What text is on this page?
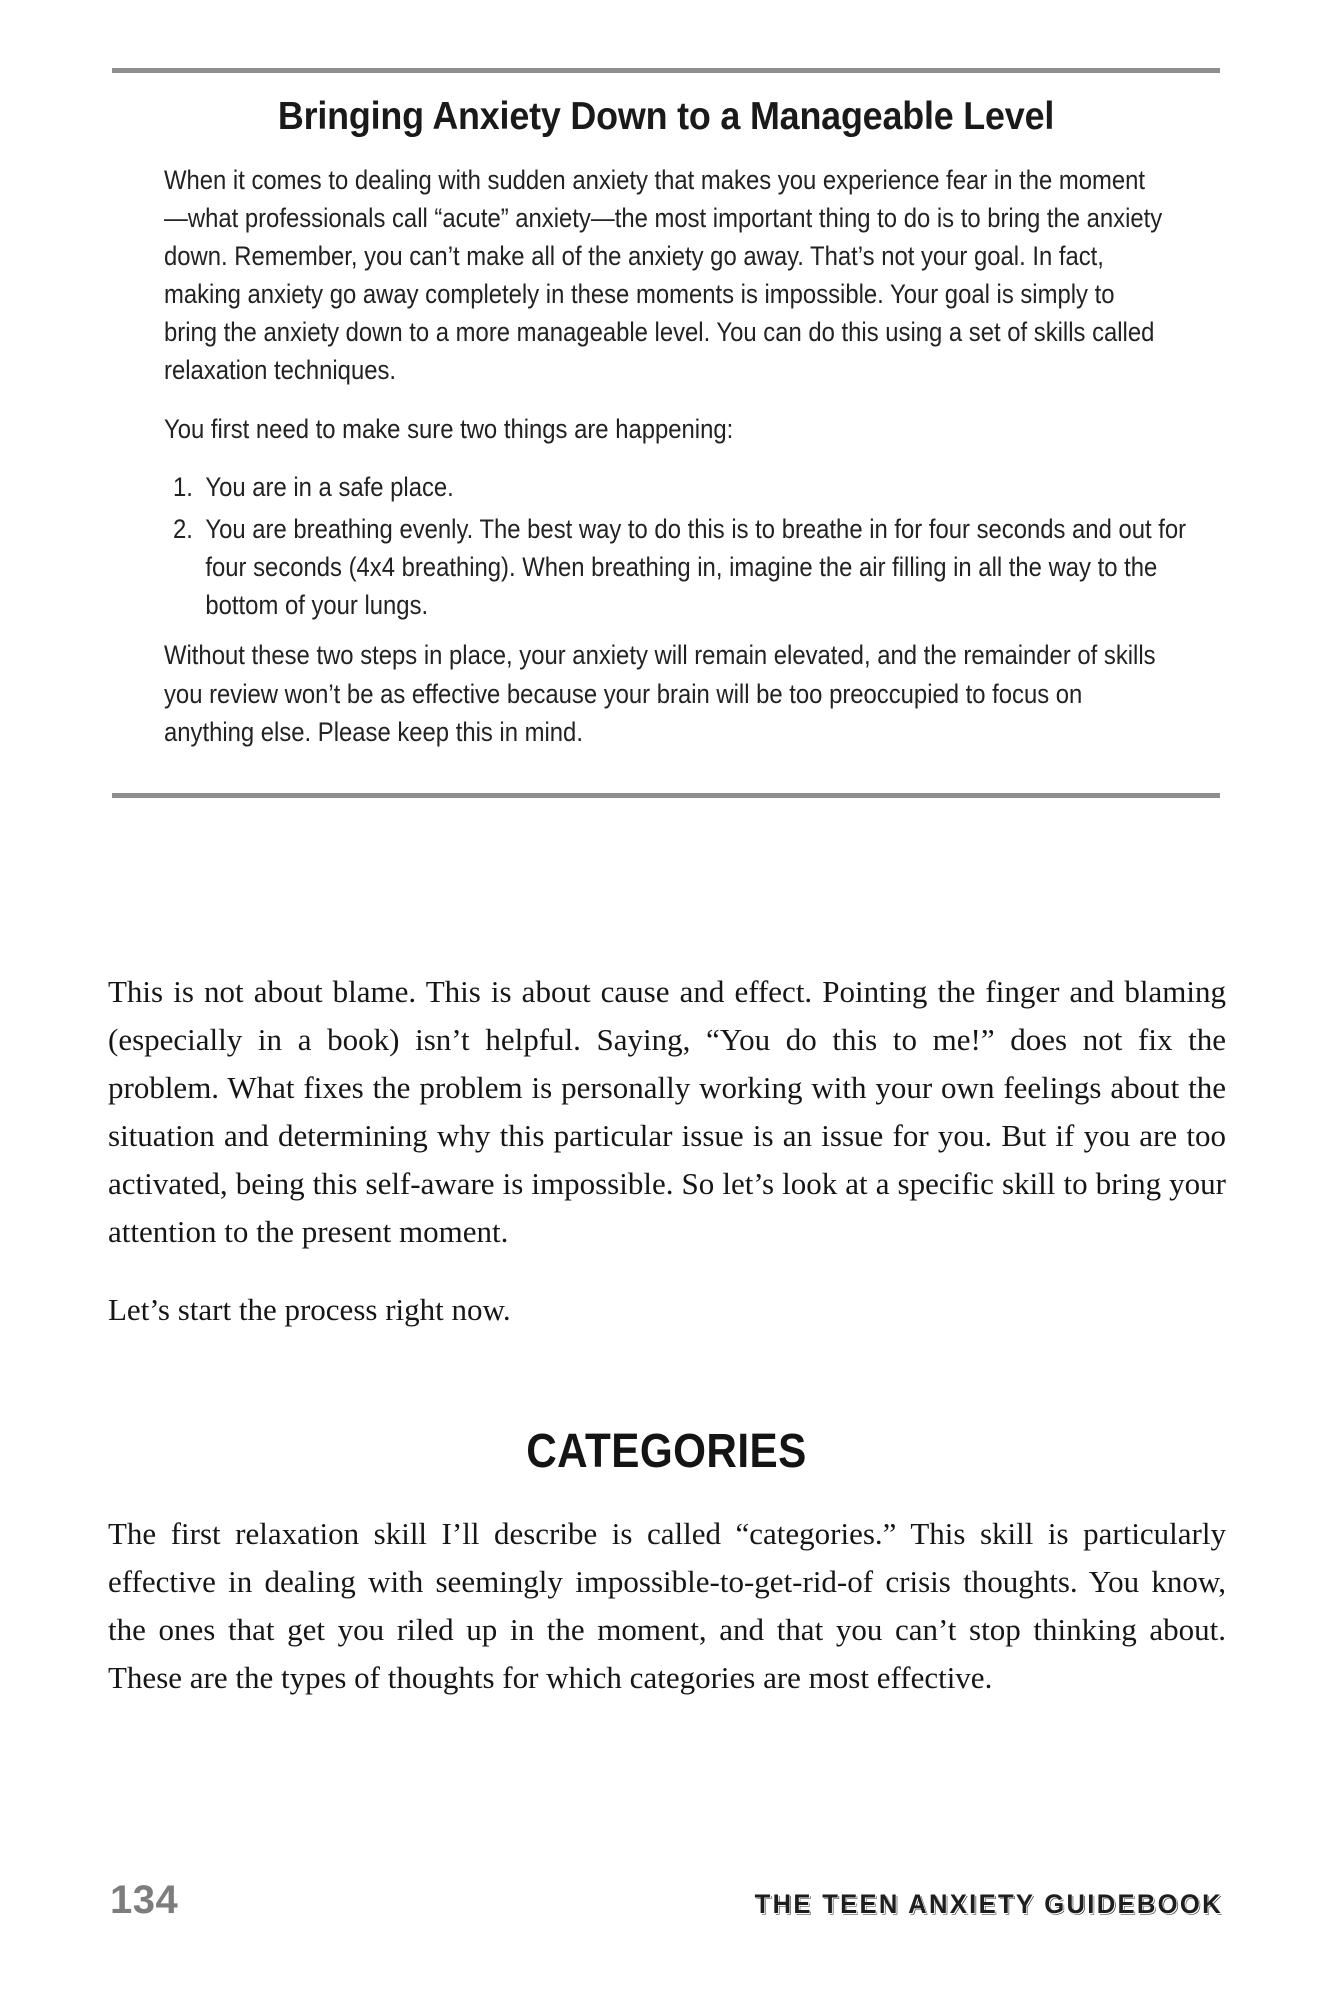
Bringing Anxiety Down to a Manageable Level

When it comes to dealing with sudden anxiety that makes you experience fear in the moment—what professionals call “acute” anxiety—the most important thing to do is to bring the anxiety down. Remember, you can’t make all of the anxiety go away. That’s not your goal. In fact, making anxiety go away completely in these moments is impossible. Your goal is simply to bring the anxiety down to a more manageable level. You can do this using a set of skills called relaxation techniques.

You first need to make sure two things are happening:

You are in a safe place.
You are breathing evenly. The best way to do this is to breathe in for four seconds and out for four seconds (4x4 breathing). When breathing in, imagine the air filling in all the way to the bottom of your lungs.

Without these two steps in place, your anxiety will remain elevated, and the remainder of skills you review won’t be as effective because your brain will be too preoccupied to focus on anything else. Please keep this in mind.

This is not about blame. This is about cause and effect. Pointing the finger and blaming (especially in a book) isn’t helpful. Saying, “You do this to me!” does not fix the problem. What fixes the problem is personally working with your own feelings about the situation and determining why this particular issue is an issue for you. But if you are too activated, being this self-aware is impossible. So let’s look at a specific skill to bring your attention to the present moment.

Let’s start the process right now.

CATEGORIES

The first relaxation skill I’ll describe is called “categories.” This skill is particularly effective in dealing with seemingly impossible-to-get-rid-of crisis thoughts. You know, the ones that get you riled up in the moment, and that you can’t stop thinking about. These are the types of thoughts for which categories are most effective.

134	THE TEEN ANXIETY GUIDEBOOK
